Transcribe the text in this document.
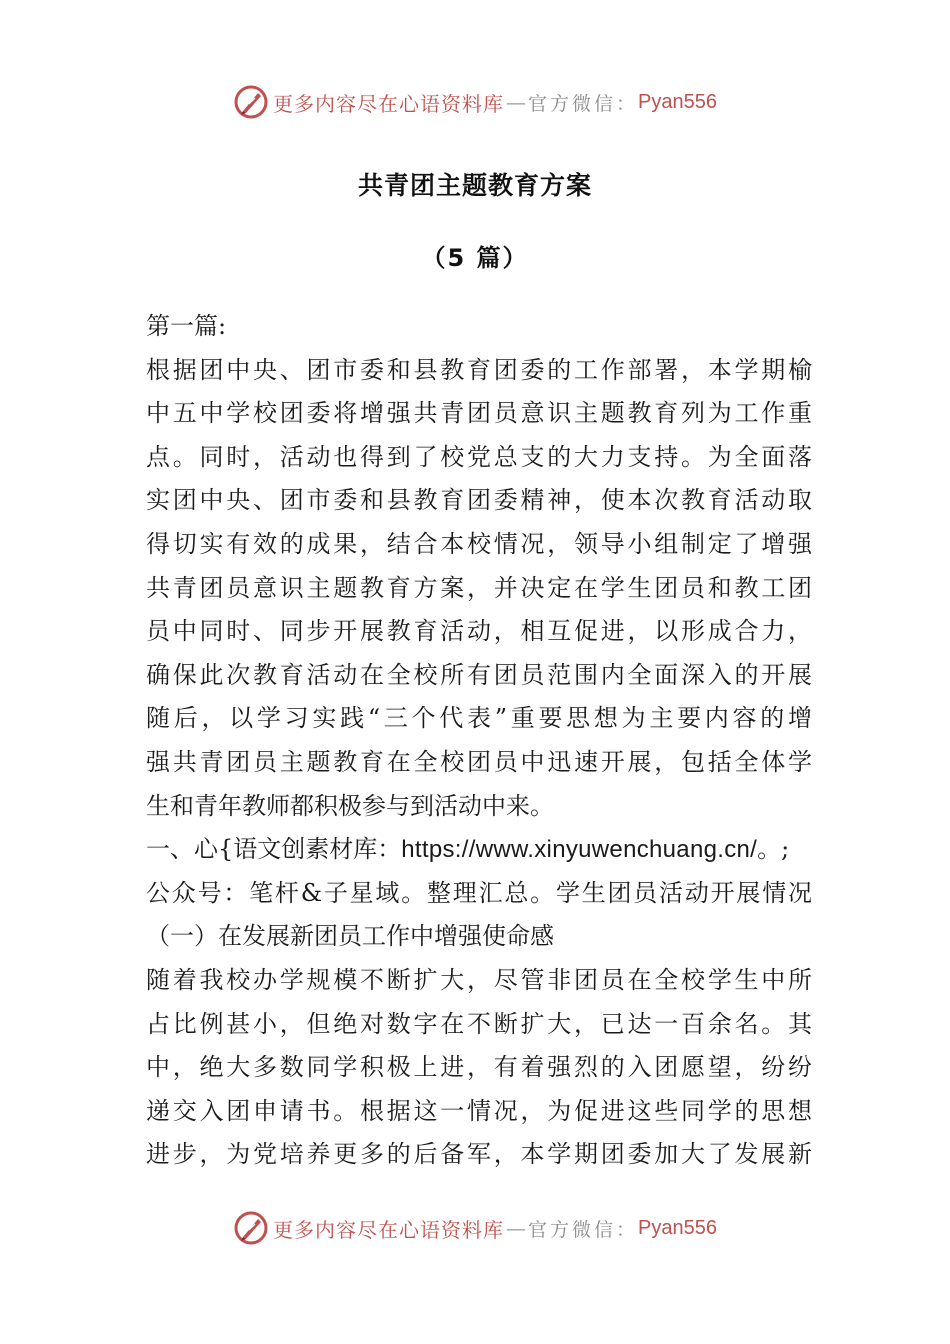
更多内容尽在心语资料库 — 官方微信： Pyan556
共青团主题教育方案
（5 篇）
第一篇:
根据团中央、团市委和县教育团委的工作部署，本学期榆
中五中学校团委将增强共青团员意识主题教育列为工作重
点。同时，活动也得到了校党总支的大力支持。为全面落
实团中央、团市委和县教育团委精神，使本次教育活动取
得切实有效的成果，结合本校情况，领导小组制定了增强
共青团员意识主题教育方案，并决定在学生团员和教工团
员中同时、同步开展教育活动，相互促进，以形成合力，
确保此次教育活动在全校所有团员范围内全面深入的开展
随后，以学习实践“三个代表”重要思想为主要内容的增
强共青团员主题教育在全校团员中迅速开展，包括全体学
生和青年教师都积极参与到活动中来。
一、心{语文创素材库：https://www.xinyuwenchuang.cn/。;
公众号：笔杆&子星域。整理汇总。学生团员活动开展情况
（一）在发展新团员工作中增强使命感
随着我校办学规模不断扩大，尽管非团员在全校学生中所
占比例甚小，但绝对数字在不断扩大，已达一百余名。其
中，绝大多数同学积极上进，有着强烈的入团愿望，纷纷
递交入团申请书。根据这一情况，为促进这些同学的思想
进步，为党培养更多的后备军，本学期团委加大了发展新
更多内容尽在心语资料库 — 官方微信： Pyan556
